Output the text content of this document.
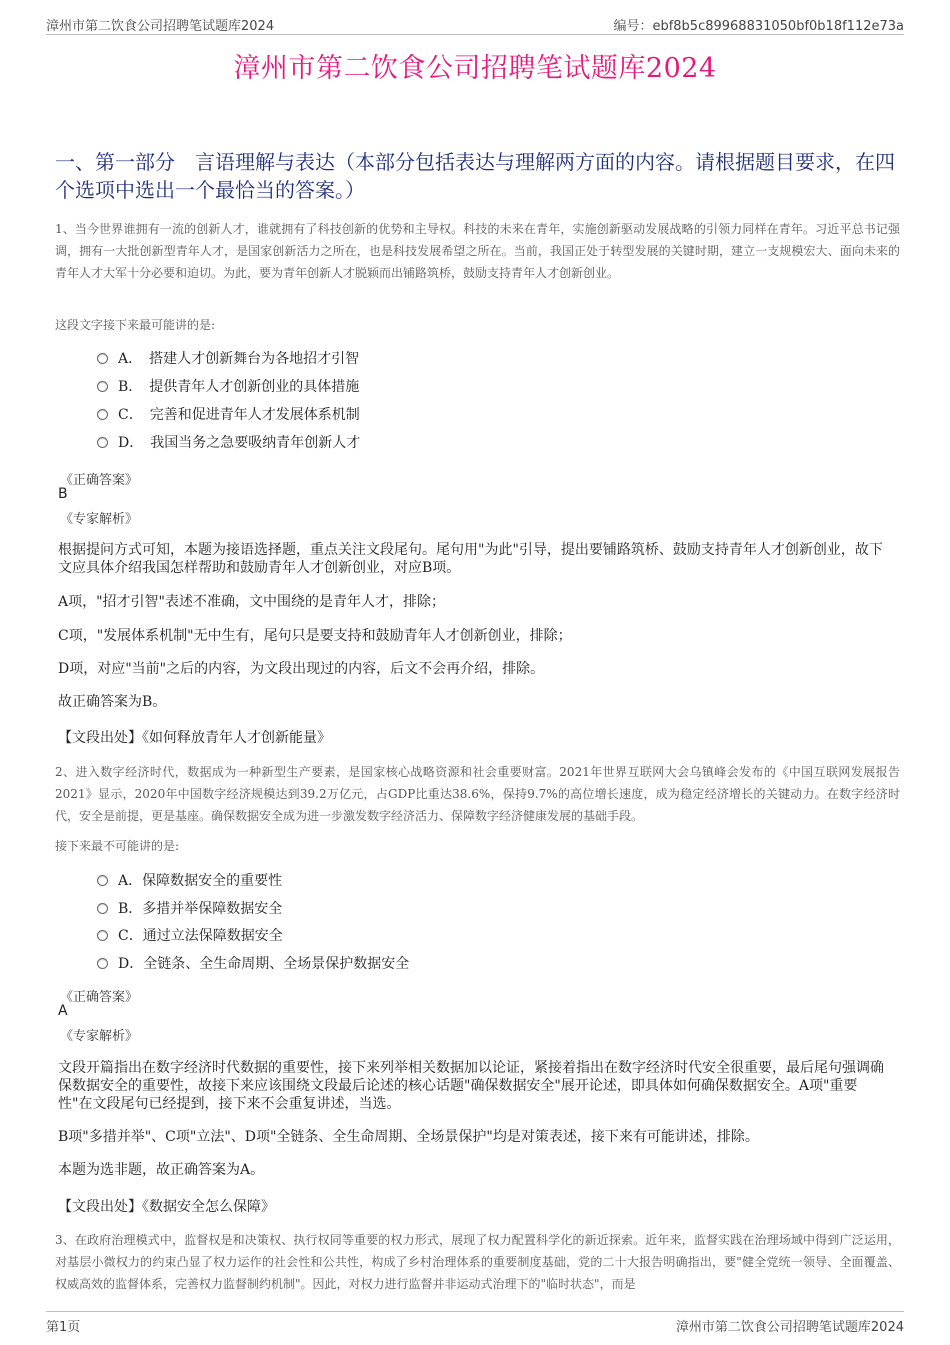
漳州市第二饮食公司招聘笔试题库2024	编号：ebf8b5c89968831050bf0b18f112e73a
漳州市第二饮食公司招聘笔试题库2024
一、第一部分　言语理解与表达（本部分包括表达与理解两方面的内容。请根据题目要求，在四个选项中选出一个最恰当的答案。）
1、当今世界谁拥有一流的创新人才，谁就拥有了科技创新的优势和主导权。科技的未来在青年，实施创新驱动发展战略的引领力同样在青年。习近平总书记强调，拥有一大批创新型青年人才，是国家创新活力之所在，也是科技发展希望之所在。当前，我国正处于转型发展的关键时期，建立一支规模宏大、面向未来的青年人才大军十分必要和迫切。为此，要为青年创新人才脱颖而出铺路筑桥，鼓励支持青年人才创新创业。
这段文字接下来最可能讲的是:
A．　搭建人才创新舞台为各地招才引智
B．　提供青年人才创新创业的具体措施
C．　完善和促进青年人才发展体系机制
D．　我国当务之急要吸纳青年创新人才
《正确答案》
B
《专家解析》
根据提问方式可知，本题为接语选择题，重点关注文段尾句。尾句用"为此"引导，提出要铺路筑桥、鼓励支持青年人才创新创业，故下文应具体介绍我国怎样帮助和鼓励青年人才创新创业，对应B项。
A项，"招才引智"表述不准确，文中围绕的是青年人才，排除；
C项，"发展体系机制"无中生有，尾句只是要支持和鼓励青年人才创新创业，排除；
D项，对应"当前"之后的内容，为文段出现过的内容，后文不会再介绍，排除。
故正确答案为B。
【文段出处】《如何释放青年人才创新能量》
2、进入数字经济时代，数据成为一种新型生产要素，是国家核心战略资源和社会重要财富。2021年世界互联网大会乌镇峰会发布的《中国互联网发展报告2021》显示，2020年中国数字经济规模达到39.2万亿元，占GDP比重达38.6%，保持9.7%的高位增长速度，成为稳定经济增长的关键动力。在数字经济时代，安全是前提，更是基座。确保数据安全成为进一步激发数字经济活力、保障数字经济健康发展的基础手段。
接下来最不可能讲的是:
A．保障数据安全的重要性
B．多措并举保障数据安全
C．通过立法保障数据安全
D．全链条、全生命周期、全场景保护数据安全
《正确答案》
A
《专家解析》
文段开篇指出在数字经济时代数据的重要性，接下来列举相关数据加以论证，紧接着指出在数字经济时代安全很重要，最后尾句强调确保数据安全的重要性，故接下来应该围绕文段最后论述的核心话题"确保数据安全"展开论述，即具体如何确保数据安全。A项"重要性"在文段尾句已经提到，接下来不会重复讲述，当选。
B项"多措并举"、C项"立法"、D项"全链条、全生命周期、全场景保护"均是对策表述，接下来有可能讲述，排除。
本题为选非题，故正确答案为A。
【文段出处】《数据安全怎么保障》
3、在政府治理模式中，监督权是和决策权、执行权同等重要的权力形式，展现了权力配置科学化的新近探索。近年来，监督实践在治理场域中得到广泛运用，对基层小微权力的约束凸显了权力运作的社会性和公共性，构成了乡村治理体系的重要制度基础，党的二十大报告明确指出，要"健全党统一领导、全面覆盖、权威高效的监督体系，完善权力监督制约机制"。因此，对权力进行监督并非运动式治理下的"临时状态"，而是
第1页	漳州市第二饮食公司招聘笔试题库2024
